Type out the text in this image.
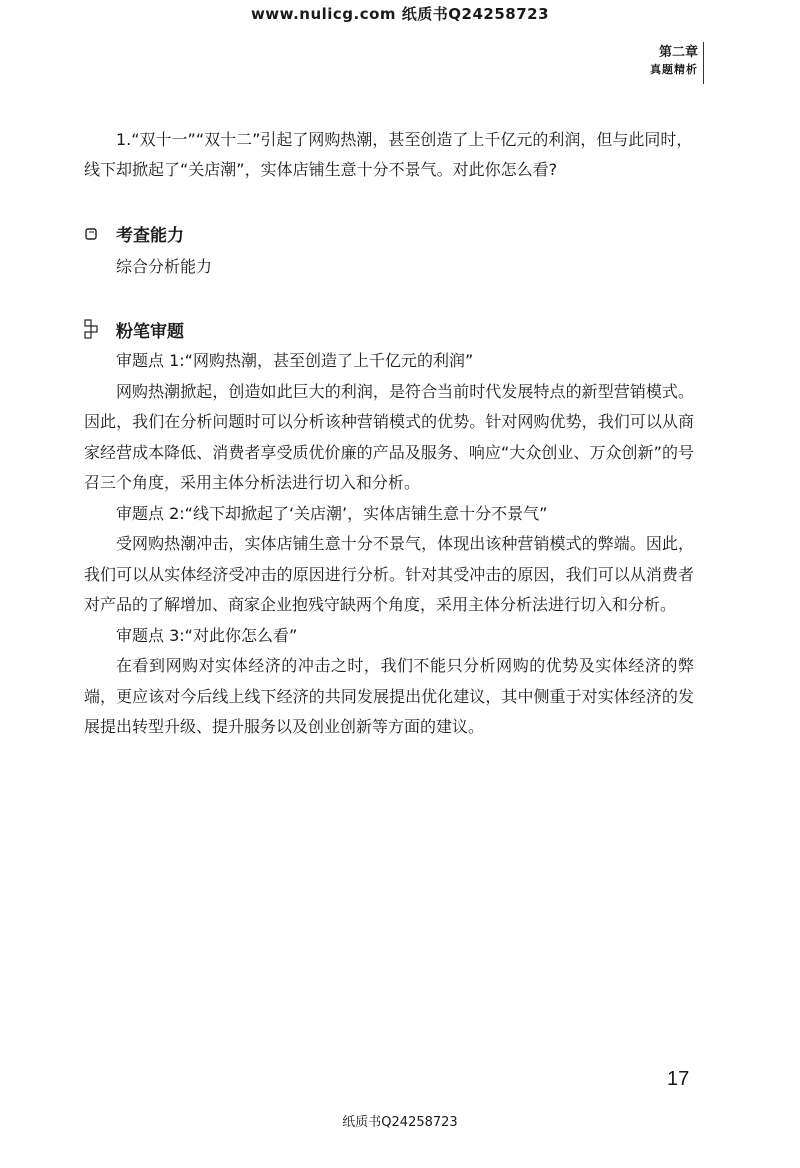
www.nulicg.com 纸质书Q24258723
第二章
真题精析

1.“双十一”“双十二”引起了网购热潮，甚至创造了上千亿元的利润，但与此同时，线下却掀起了“关店潮”，实体店铺生意十分不景气。对此你怎么看?

考查能力

综合分析能力

粉笔审题

审题点 1:“网购热潮，甚至创造了上千亿元的利润”

网购热潮掀起，创造如此巨大的利润，是符合当前时代发展特点的新型营销模式。因此，我们在分析问题时可以分析该种营销模式的优势。针对网购优势，我们可以从商家经营成本降低、消费者享受质优价廉的产品及服务、响应“大众创业、万众创新”的号召三个角度，采用主体分析法进行切入和分析。

审题点 2:“线下却掀起了‘关店潮’，实体店铺生意十分不景气”

受网购热潮冲击，实体店铺生意十分不景气，体现出该种营销模式的弊端。因此，我们可以从实体经济受冲击的原因进行分析。针对其受冲击的原因，我们可以从消费者对产品的了解增加、商家企业抱残守缺两个角度，采用主体分析法进行切入和分析。

审题点 3:“对此你怎么看”

在看到网购对实体经济的冲击之时，我们不能只分析网购的优势及实体经济的弊端，更应该对今后线上线下经济的共同发展提出优化建议，其中侧重于对实体经济的发展提出转型升级、提升服务以及创业创新等方面的建议。

17
纸质书Q24258723
